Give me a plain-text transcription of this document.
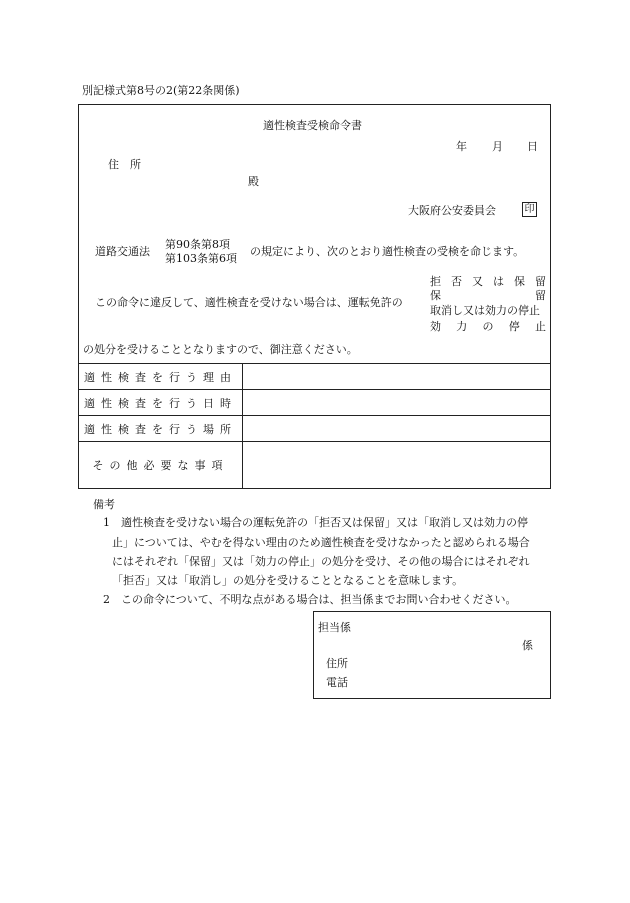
別記様式第8号の2(第22条関係)
適性検査受検命令書
年 月 日
住　所
殿
大阪府公安委員会	印
道路交通法
第90条第8項
第103条第6項
の規定により、次のとおり適性検査の受検を命じます。
この命令に違反して、適性検査を受けない場合は、運転免許の
拒 否 又 は 保 留
保	留
取消し又は効力の停止
効 力 の 停 止
の処分を受けることとなりますので、御注意ください。
適性検査を行う理由	
適性検査を行う日時	
適性検査を行う場所	
その他必要な事項	
備考
1　適性検査を受けない場合の運転免許の「拒否又は保留」又は「取消し又は効力の停
止」については、やむを得ない理由のため適性検査を受けなかったと認められる場合
にはそれぞれ「保留」又は「効力の停止」の処分を受け、その他の場合にはそれぞれ
「拒否」又は「取消し」の処分を受けることとなることを意味します。
2　この命令について、不明な点がある場合は、担当係までお問い合わせください。
担当係
係
住所
電話
